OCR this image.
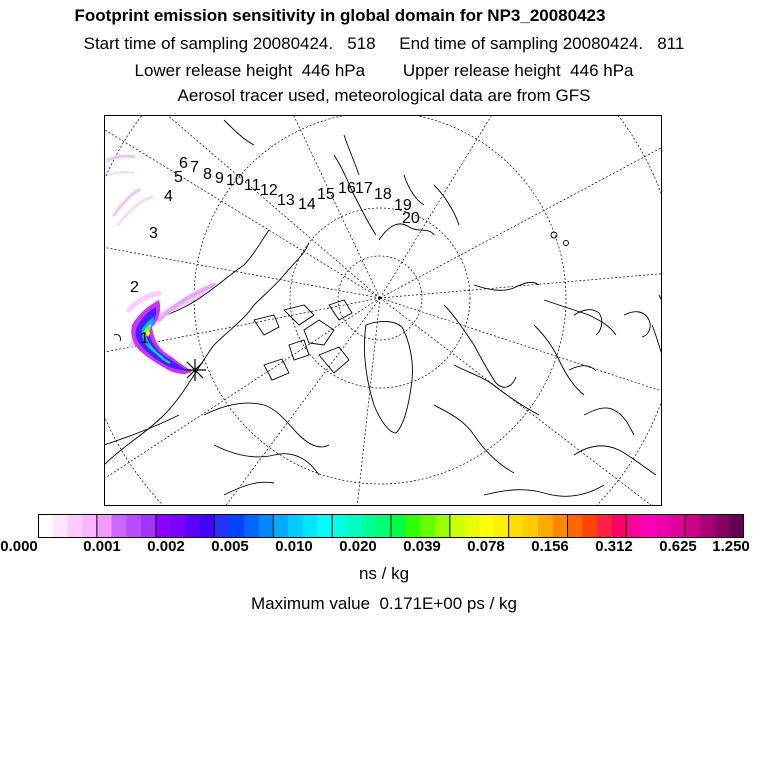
Footprint emission sensitivity in global domain for NP3_20080423
Start time of sampling 20080424.   518     End time of sampling 20080424.   811
Lower release height  446 hPa        Upper release height  446 hPa
Aerosol tracer used, meteorological data are from GFS
1
2
3
4
5
6 7 8 9 10 11 12
13 14
15 16 17 18
19
20
0.000	0.001 0.002 0.005 0.010 0.020 0.039 0.078 0.156 0.312 0.625 1.250
ns / kg
Maximum value  0.171E+00 ps / kg
